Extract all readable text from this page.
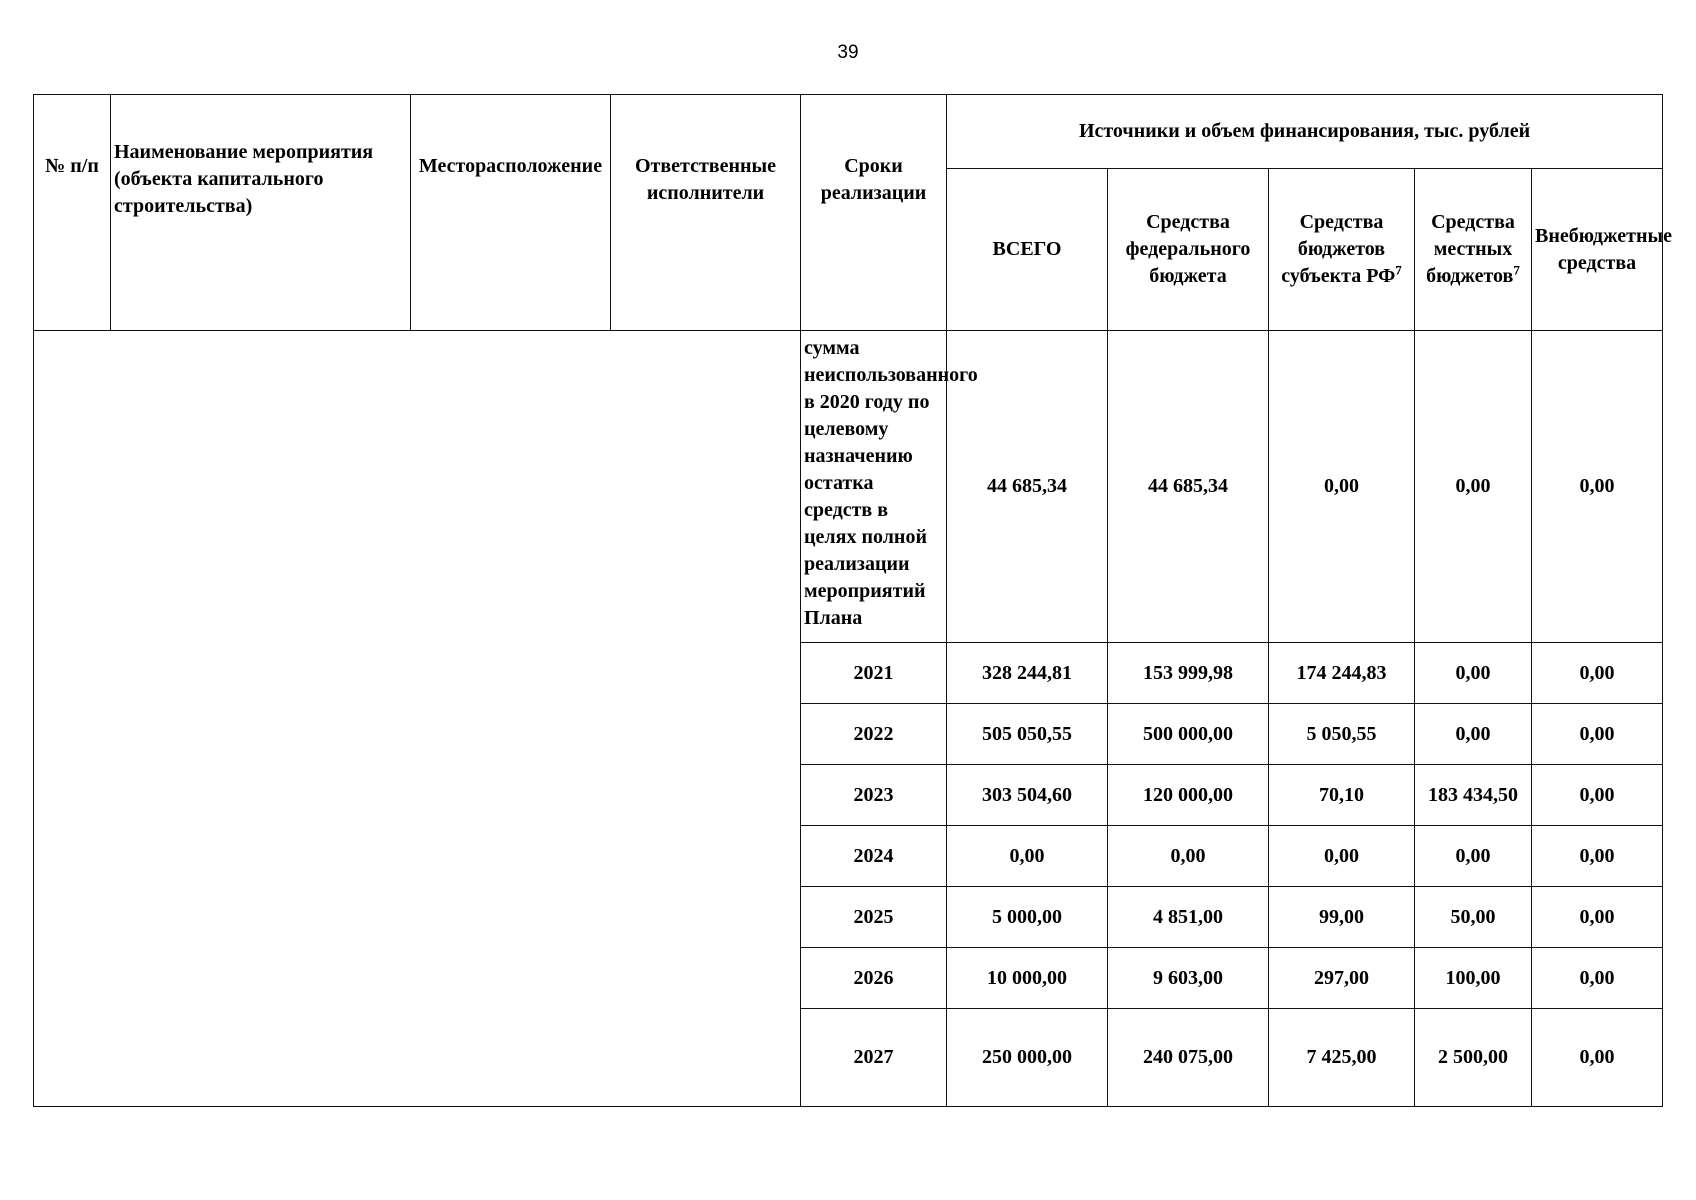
39
№ п/п	Наименование мероприятия (объекта капитального строительства)	Месторасположение	Ответственные исполнители	Сроки реализации	Источники и объем финансирования, тыс. рублей				
					ВСЕГО	Средства федерального бюджета	Средства бюджетов субъекта $РФ^7$	Средства местных бюджетов$^7$	Внебюджетные средства
				сумма неиспользованного в 2020 году по целевому назначению остатка средств в целях полной реализации мероприятий Плана	44 685,34	44 685,34	0,00	0,00	0,00
				2021	328 244,81	153 999,98	174 244,83	0,00	0,00
				2022	505 050,55	500 000,00	5 050,55	0,00	0,00
				2023	303 504,60	120 000,00	70,10	183 434,50	0,00
				2024	0,00	0,00	0,00	0,00	0,00
				2025	5 000,00	4 851,00	99,00	50,00	0,00
				2026	10 000,00	9 603,00	297,00	100,00	0,00
				2027	250 000,00	240 075,00	7 425,00	2 500,00	0,00
